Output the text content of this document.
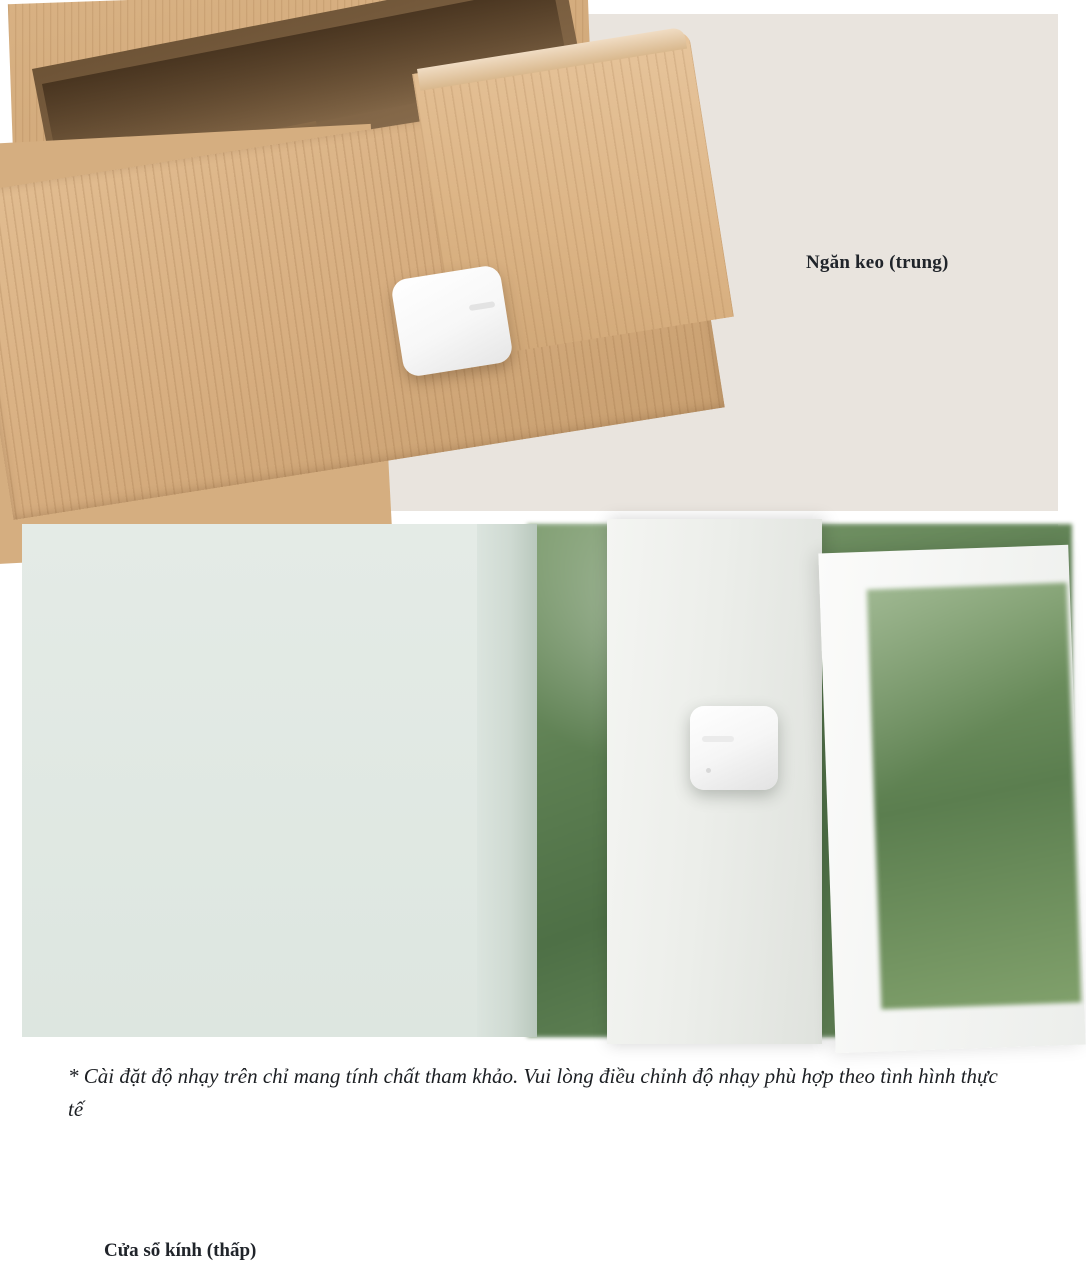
Ngăn keo (trung)
Cửa sổ kính (thấp)
* Cài đặt độ nhạy trên chỉ mang tính chất tham khảo. Vui lòng điều chỉnh độ nhạy phù hợp theo tình hình thực tế
